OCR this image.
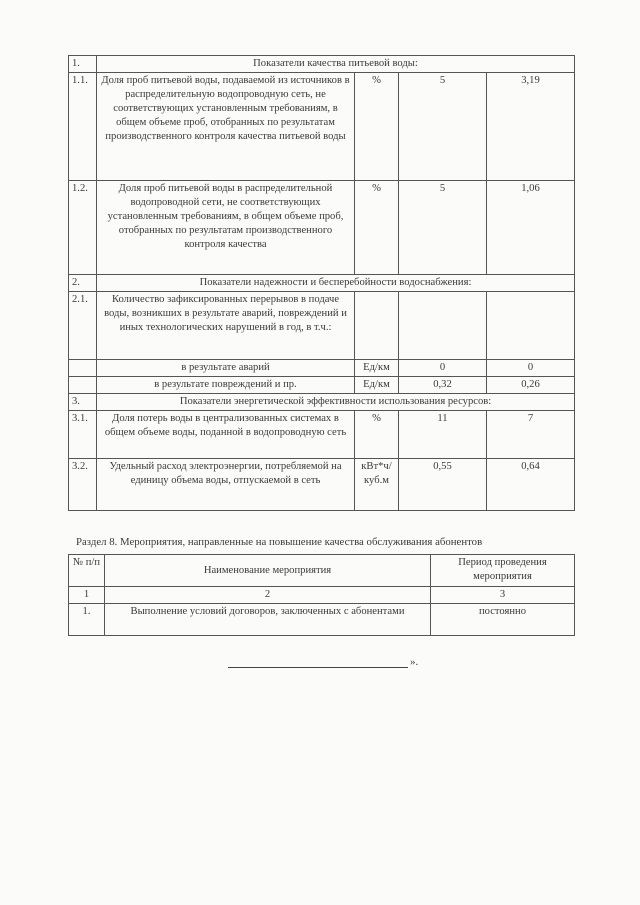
1.	Показатели качества питьевой воды:			
1.1.	Доля проб питьевой воды, подаваемой из источников в распределительную водопроводную сеть, не соответствующих установленным требованиям, в общем объеме проб, отобранных по результатам производственного контроля качества питьевой воды	%	5	3,19
1.2.	Доля проб питьевой воды в распределительной водопроводной сети, не соответствующих установленным требованиям, в общем объеме проб, отобранных по результатам производственного контроля качества	%	5	1,06
2.	Показатели надежности и бесперебойности водоснабжения:			
2.1.	Количество зафиксированных перерывов в подаче воды, возникших в результате аварий, повреждений и иных технологических нарушений в год, в т.ч.:			
	в результате аварий	Ед/км	0	0
	в результате повреждений и пр.	Ед/км	0,32	0,26
3.	Показатели энергетической эффективности использования ресурсов:			
3.1.	Доля потерь воды в централизованных системах в общем объеме воды, поданной в водопроводную сеть	%	11	7
3.2.	Удельный расход электроэнергии, потребляемой на единицу объема воды, отпускаемой в сеть	кВт*ч/ куб.м	0,55	0,64
Раздел 8. Мероприятия, направленные на повышение качества обслуживания абонентов
№ п/п	Наименование мероприятия	Период проведения мероприятия
1	2	3
1.	Выполнение условий договоров, заключенных с абонентами	постоянно
».
